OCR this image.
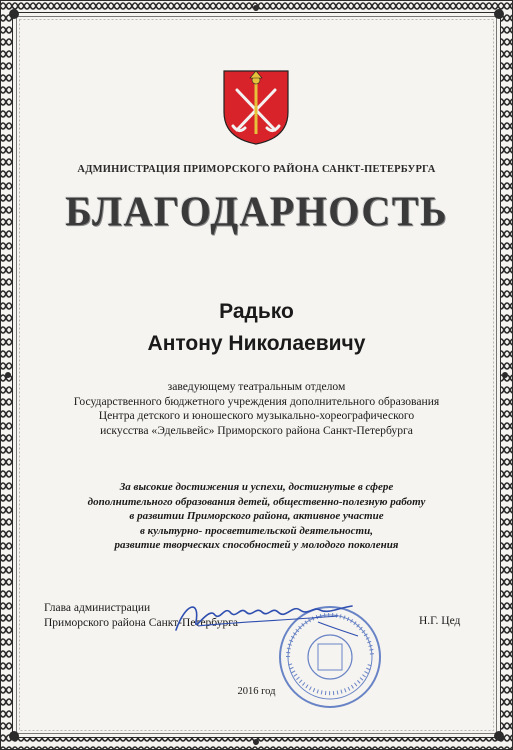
АДМИНИСТРАЦИЯ ПРИМОРСКОГО РАЙОНА САНКТ-ПЕТЕРБУРГА
БЛАГОДАРНОСТЬ
Радько
Антону Николаевичу
заведующему театральным отделом
Государственного бюджетного учреждения дополнительного образования
Центра детского и юношеского музыкально-хореографического
искусства «Эдельвейс» Приморского района Санкт-Петербурга
За высокие достижения и успехи, достигнутые в сфере
дополнительного образования детей, общественно-полезную работу
в развитии Приморского района, активное участие
в культурно- просветительской деятельности,
развитие творческих способностей у молодого поколения
Глава администрации
Приморского района Санкт-Петербурга	Н.Г. Цед
2016 год
